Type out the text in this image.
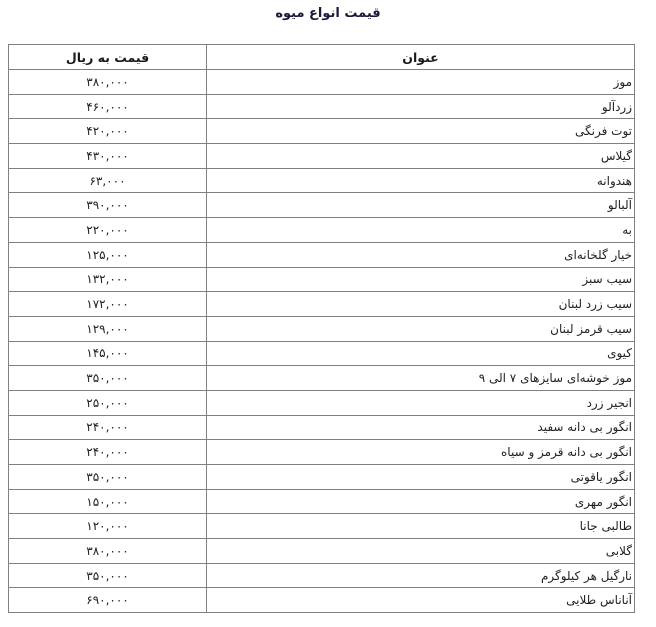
قیمت انواع میوه
عنوان	قیمت به ریال
موز	۳۸۰,۰۰۰
زردآلو	۴۶۰,۰۰۰
توت فرنگی	۴۲۰,۰۰۰
گیلاس	۴۳۰,۰۰۰
هندوانه	۶۳,۰۰۰
آلبالو	۳۹۰,۰۰۰
به	۲۲۰,۰۰۰
خیار گلخانه‌ای	۱۲۵,۰۰۰
سیب سبز	۱۳۲,۰۰۰
سیب زرد لبنان	۱۷۲,۰۰۰
سیب قرمز لبنان	۱۲۹,۰۰۰
کیوی	۱۴۵,۰۰۰
موز خوشه‌ای سایزهای ۷ الی ۹	۳۵۰,۰۰۰
انجیر زرد	۲۵۰,۰۰۰
انگور بی دانه سفید	۲۴۰,۰۰۰
انگور بی دانه قرمز و سیاه	۲۴۰,۰۰۰
انگور یاقوتی	۳۵۰,۰۰۰
انگور مهری	۱۵۰,۰۰۰
طالبی جانا	۱۲۰,۰۰۰
گلابی	۳۸۰,۰۰۰
نارگیل هر کیلوگرم	۳۵۰,۰۰۰
آناناس طلایی	۶۹۰,۰۰۰
